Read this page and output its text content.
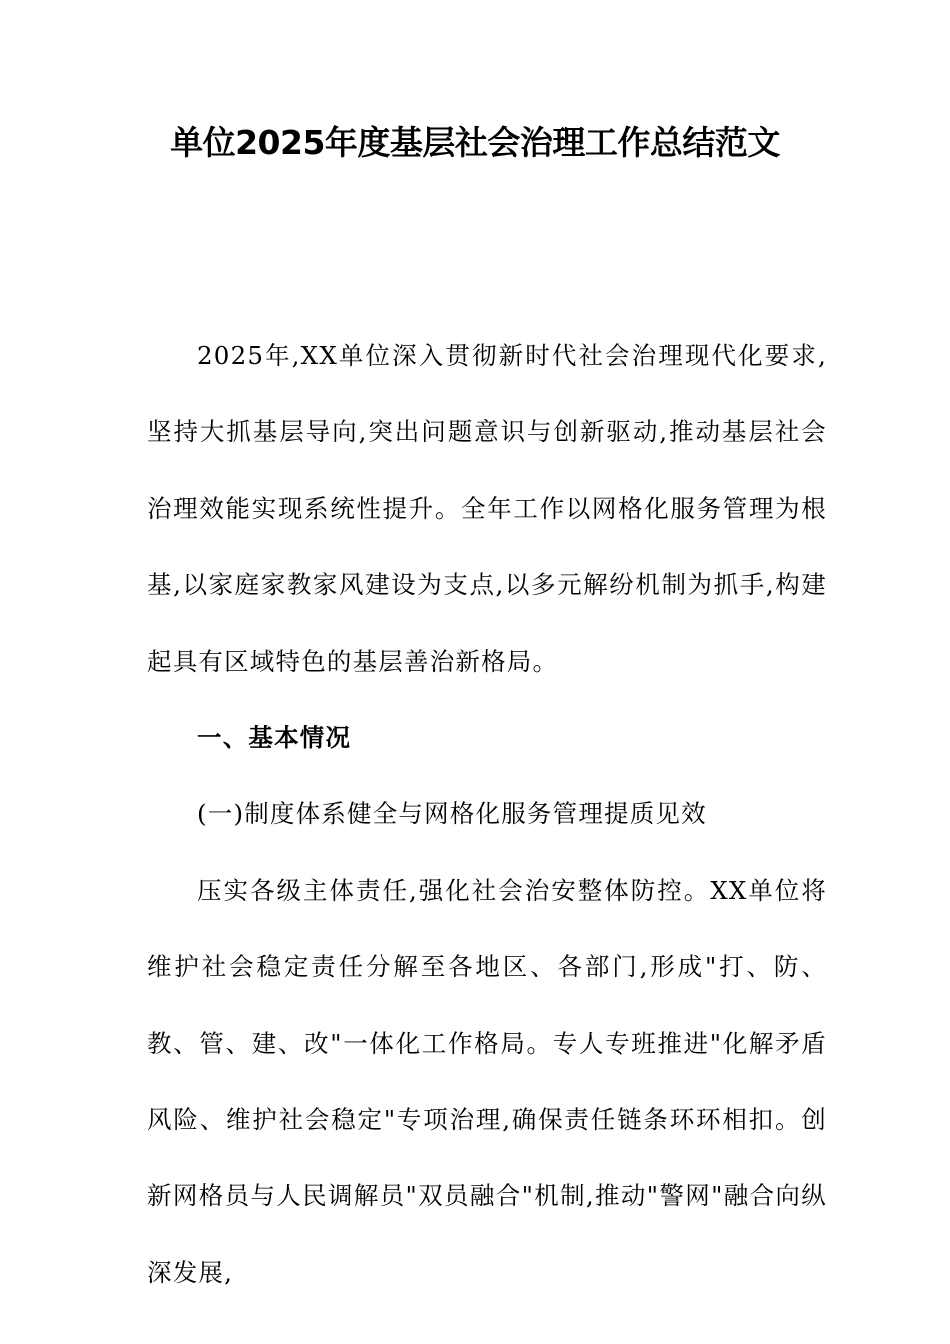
单位2025年度基层社会治理工作总结范文

2025年,XX单位深入贯彻新时代社会治理现代化要求,坚持大抓基层导向,突出问题意识与创新驱动,推动基层社会治理效能实现系统性提升。全年工作以网格化服务管理为根基,以家庭家教家风建设为支点,以多元解纷机制为抓手,构建起具有区域特色的基层善治新格局。

一、基本情况

(一)制度体系健全与网格化服务管理提质见效

压实各级主体责任,强化社会治安整体防控。XX单位将维护社会稳定责任分解至各地区、各部门,形成"打、防、教、管、建、改"一体化工作格局。专人专班推进"化解矛盾风险、维护社会稳定"专项治理,确保责任链条环环相扣。创新网格员与人民调解员"双员融合"机制,推动"警网"融合向纵深发展,
